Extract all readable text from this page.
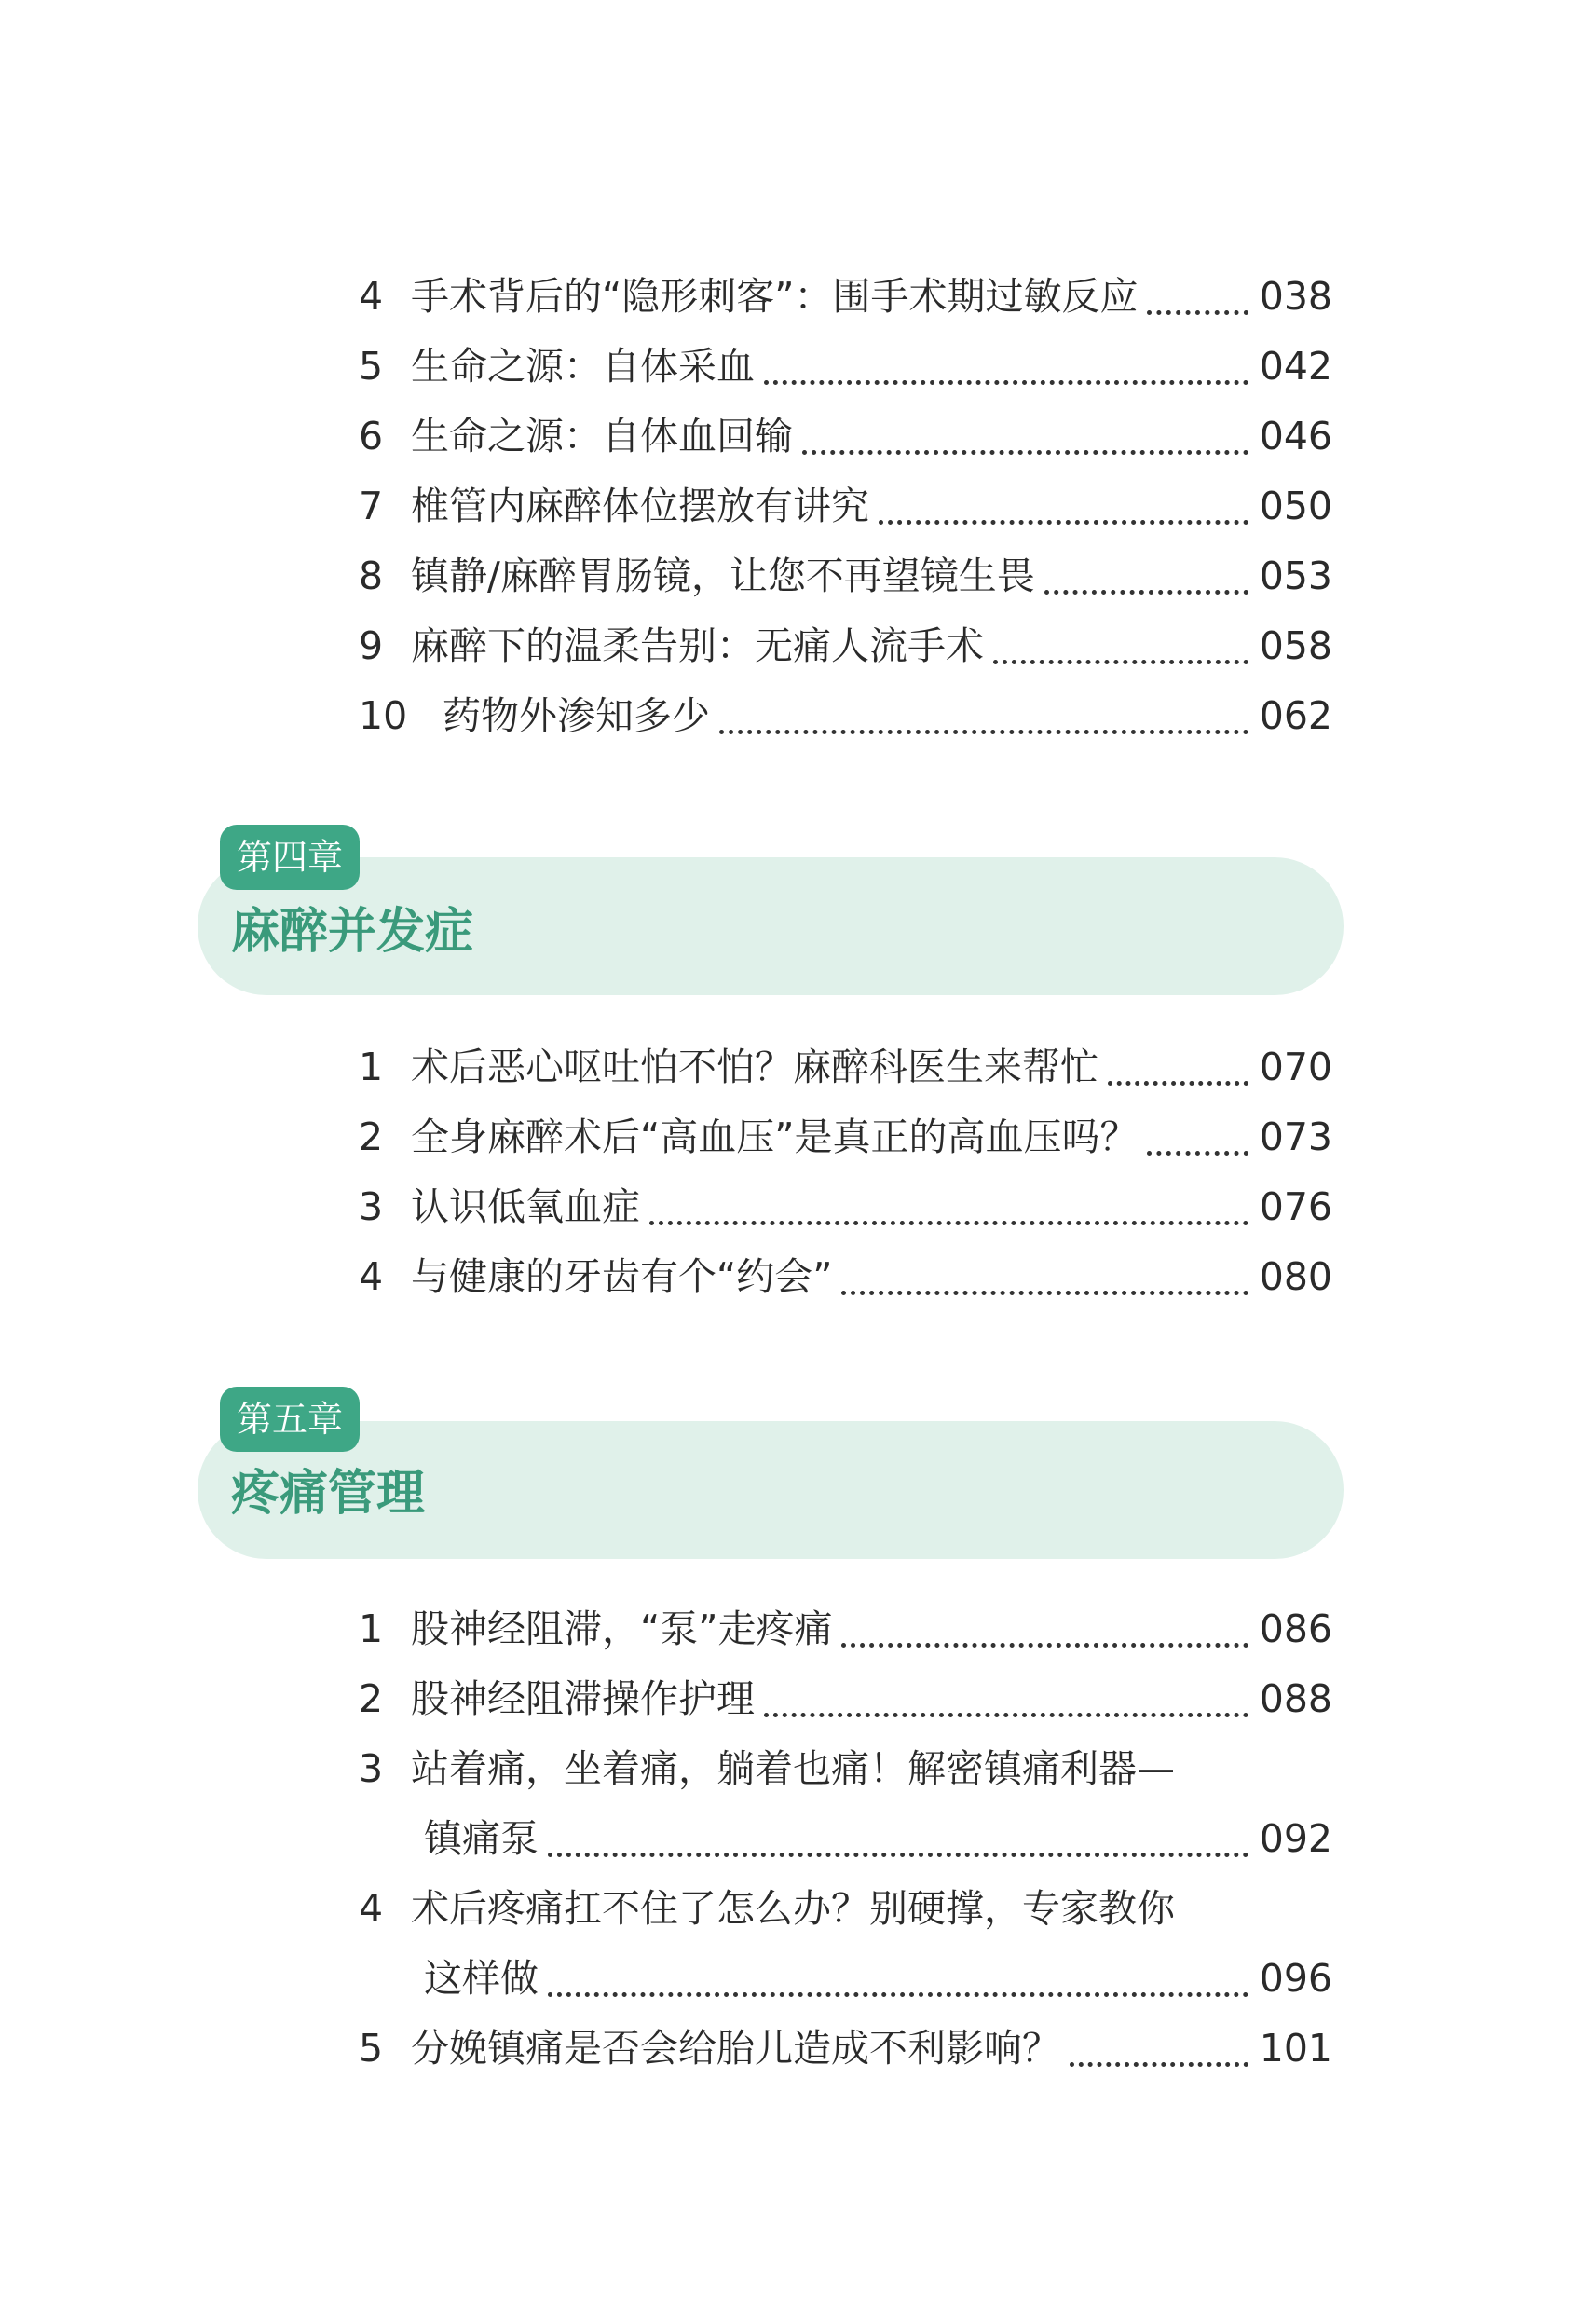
4 手术背后的“隐形刺客”：围手术期过敏反应	038
5 生命之源：自体采血	042
6 生命之源：自体血回输	046
7 椎管内麻醉体位摆放有讲究	050
8 镇静/麻醉胃肠镜，让您不再望镜生畏	053
9 麻醉下的温柔告别：无痛人流手术	058
10 药物外渗知多少	062
第四章
麻醉并发症
1 术后恶心呕吐怕不怕？麻醉科医生来帮忙	070
2 全身麻醉术后“高血压”是真正的高血压吗？	073
3 认识低氧血症	076
4 与健康的牙齿有个“约会”	080
第五章
疼痛管理
1 股神经阻滞，“泵”走疼痛	086
2 股神经阻滞操作护理	088
3 站着痛，坐着痛，躺着也痛！解密镇痛利器—
镇痛泵	092
4 术后疼痛扛不住了怎么办？别硬撑，专家教你
这样做	096
5 分娩镇痛是否会给胎儿造成不利影响？	101
